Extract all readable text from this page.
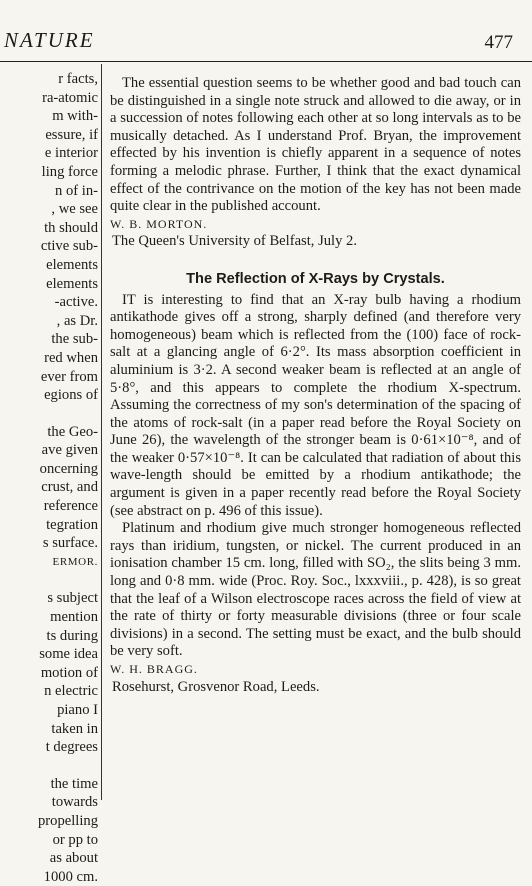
NATURE	477
r facts,
ra-atomic
m with-
essure, if
e interior
ling force
n of in-
, we see
th should
ctive sub-
elements
elements
-active.
, as Dr.
the sub-
red when
ever from
egions of
the Geo-
ave given
oncerning
crust, and
reference
tegration
s surface.
ERMOR.
s subject
mention
ts during
some idea
motion of
n electric
piano I
taken in
t degrees
the time
towards
propelling
or pp to
as about
1000 cm.

The essential question seems to be whether good and bad touch can be distinguished in a single note struck and allowed to die away, or in a succession of notes following each other at so long intervals as to be musically detached. As I understand Prof. Bryan, the improvement effected by his invention is chiefly apparent in a sequence of notes forming a melodic phrase. Further, I think that the exact dynamical effect of the contrivance on the motion of the key has not been made quite clear in the published account.

W. B. MORTON.

The Queen's University of Belfast, July 2.

The Reflection of X-Rays by Crystals.

IT is interesting to find that an X-ray bulb having a rhodium antikathode gives off a strong, sharply defined (and therefore very homogeneous) beam which is reflected from the (100) face of rock-salt at a glancing angle of 6·2°. Its mass absorption coefficient in aluminium is 3·2. A second weaker beam is reflected at an angle of 5·8°, and this appears to complete the rhodium X-spectrum. Assuming the correctness of my son's determination of the spacing of the atoms of rock-salt (in a paper read before the Royal Society on June 26), the wavelength of the stronger beam is 0·61×10⁻⁸, and of the weaker 0·57×10⁻⁸. It can be calculated that radiation of about this wave-length should be emitted by a rhodium antikathode; the argument is given in a paper recently read before the Royal Society (see abstract on p. 496 of this issue).

Platinum and rhodium give much stronger homogeneous reflected rays than iridium, tungsten, or nickel. The current produced in an ionisation chamber 15 cm. long, filled with SO₂, the slits being 3 mm. long and 0·8 mm. wide (Proc. Roy. Soc., lxxxviii., p. 428), is so great that the leaf of a Wilson electroscope races across the field of view at the rate of thirty or forty measurable divisions (three or four scale divisions) in a second. The setting must be exact, and the bulb should be very soft.

W. H. BRAGG.

Rosehurst, Grosvenor Road, Leeds.
